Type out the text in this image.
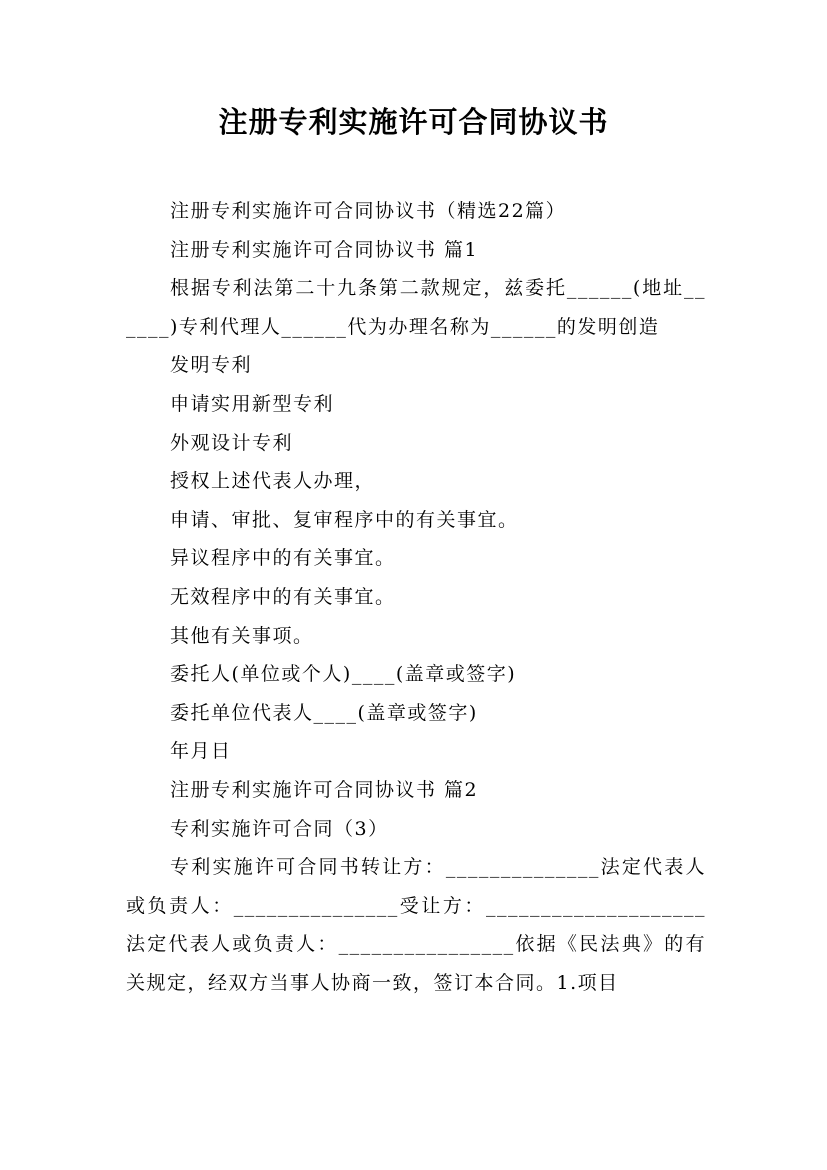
注册专利实施许可合同协议书

注册专利实施许可合同协议书（精选22篇）

注册专利实施许可合同协议书 篇1

根据专利法第二十九条第二款规定，兹委托______(地址______)专利代理人______代为办理名称为______的发明创造

发明专利

申请实用新型专利

外观设计专利

授权上述代表人办理，

申请、审批、复审程序中的有关事宜。

异议程序中的有关事宜。

无效程序中的有关事宜。

其他有关事项。

委托人(单位或个人)____(盖章或签字)

委托单位代表人____(盖章或签字)

年月日

注册专利实施许可合同协议书 篇2

专利实施许可合同（3）

专利实施许可合同书转让方：______________法定代表人或负责人：_______________受让方：____________________法定代表人或负责人：________________依据《民法典》的有关规定，经双方当事人协商一致，签订本合同。1.项目
